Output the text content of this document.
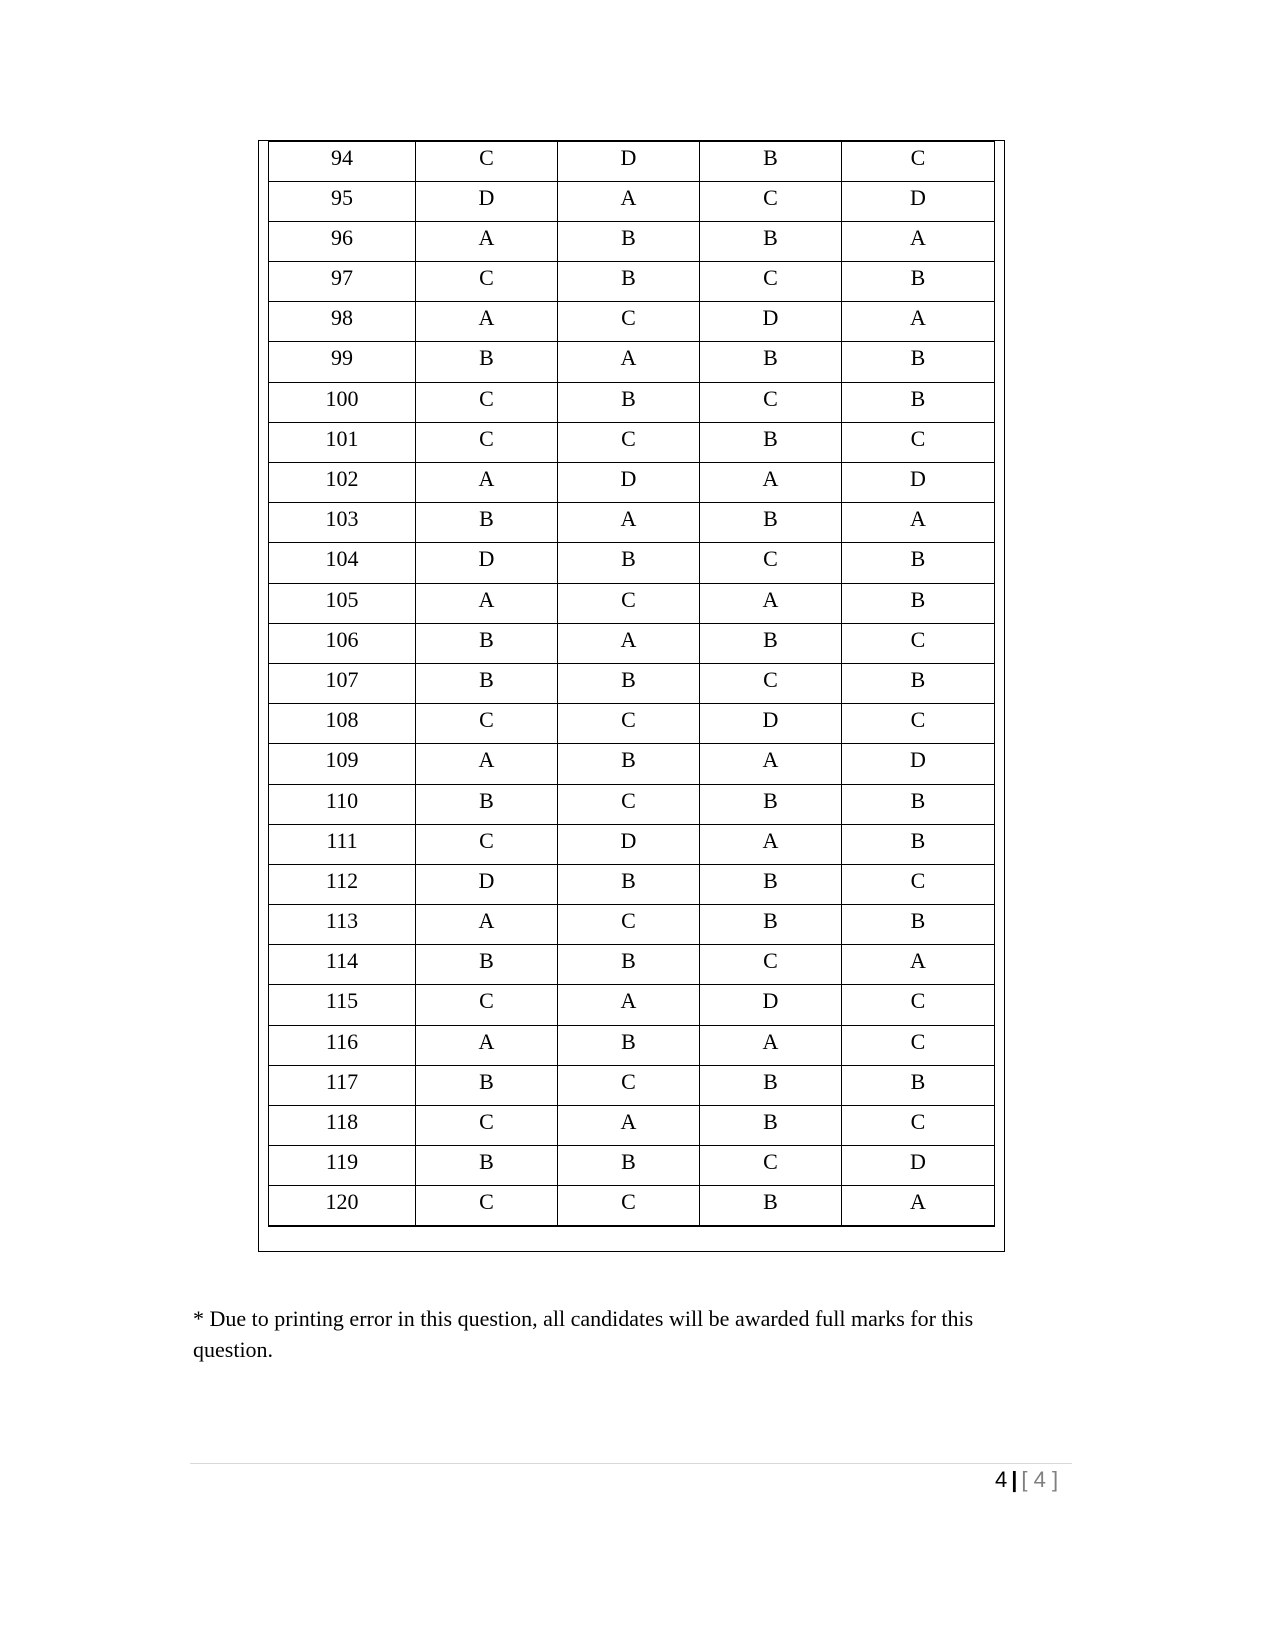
94	C	D	B	C
95	D	A	C	D
96	A	B	B	A
97	C	B	C	B
98	A	C	D	A
99	B	A	B	B
100	C	B	C	B
101	C	C	B	C
102	A	D	A	D
103	B	A	B	A
104	D	B	C	B
105	A	C	A	B
106	B	A	B	C
107	B	B	C	B
108	C	C	D	C
109	A	B	A	D
110	B	C	B	B
111	C	D	A	B
112	D	B	B	C
113	A	C	B	B
114	B	B	C	A
115	C	A	D	C
116	A	B	A	C
117	B	C	B	B
118	C	A	B	C
119	B	B	C	D
120	C	C	B	A
* Due to printing error in this question, all candidates will be awarded full marks for this question.
4 | [ 4 ]
